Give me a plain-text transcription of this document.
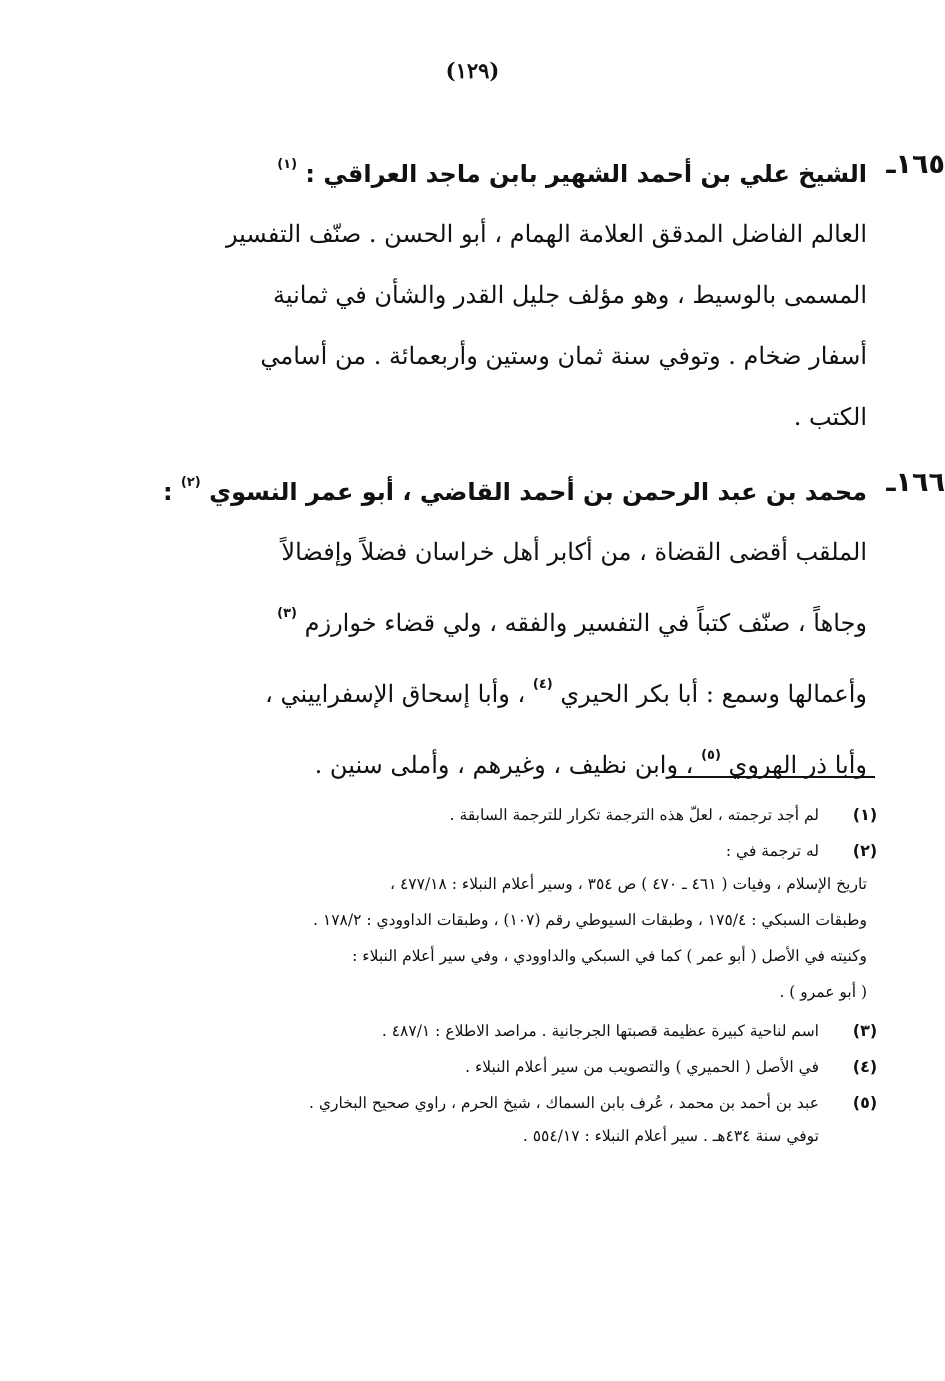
(١٢٩)
١٦٥ـ
الشيخ علي بن أحمد الشهير بابن ماجد العراقي : $^{(١)}$
العالم الفاضل المدقق العلامة الهمام ، أبو الحسن . صنّف التفسير
المسمى بالوسيط ، وهو مؤلف جليل القدر والشأن في ثمانية
أسفار ضخام . وتوفي سنة ثمان وستين وأربعمائة . من أسامي
الكتب .
١٦٦ـ
محمد بن عبد الرحمن بن أحمد القاضي ، أبو عمر النسوي $^{(٢)}$ :
الملقب أقضى القضاة ، من أكابر أهل خراسان فضلاً وإفضالاً
وجاهاً ، صنّف كتباً في التفسير والفقه ، ولي قضاء خوارزم $^{(٣)}$
وأعمالها وسمع : أبا بكر الحيري $^{(٤)}$ ، وأبا إسحاق الإسفراييني ،
وأبا ذر الهروي $^{(٥)}$ ، وابن نظيف ، وغيرهم ، وأملى سنين .
(١)
لم أجد ترجمته ، لعلّ هذه الترجمة تكرار للترجمة السابقة .
(٢)
له ترجمة في :
تاريخ الإسلام ، وفيات ( ٤٦١ ـ ٤٧٠ ) ص ٣٥٤ ، وسير أعلام النبلاء : ٤٧٧/١٨ ،
وطبقات السبكي : ١٧٥/٤ ، وطبقات السيوطي رقم (١٠٧) ، وطبقات الداوودي : ١٧٨/٢ .
وكنيته في الأصل ( أبو عمر ) كما في السبكي والداوودي ، وفي سير أعلام النبلاء :
( أبو عمرو ) .
(٣)
اسم لناحية كبيرة عظيمة قصبتها الجرجانية . مراصد الاطلاع : ٤٨٧/١ .
(٤)
في الأصل ( الحميري ) والتصويب من سير أعلام النبلاء .
(٥)
عبد بن أحمد بن محمد ، عُرف بابن السماك ، شيخ الحرم ، راوي صحيح البخاري .
توفي سنة ٤٣٤هـ . سير أعلام النبلاء : ٥٥٤/١٧ .
